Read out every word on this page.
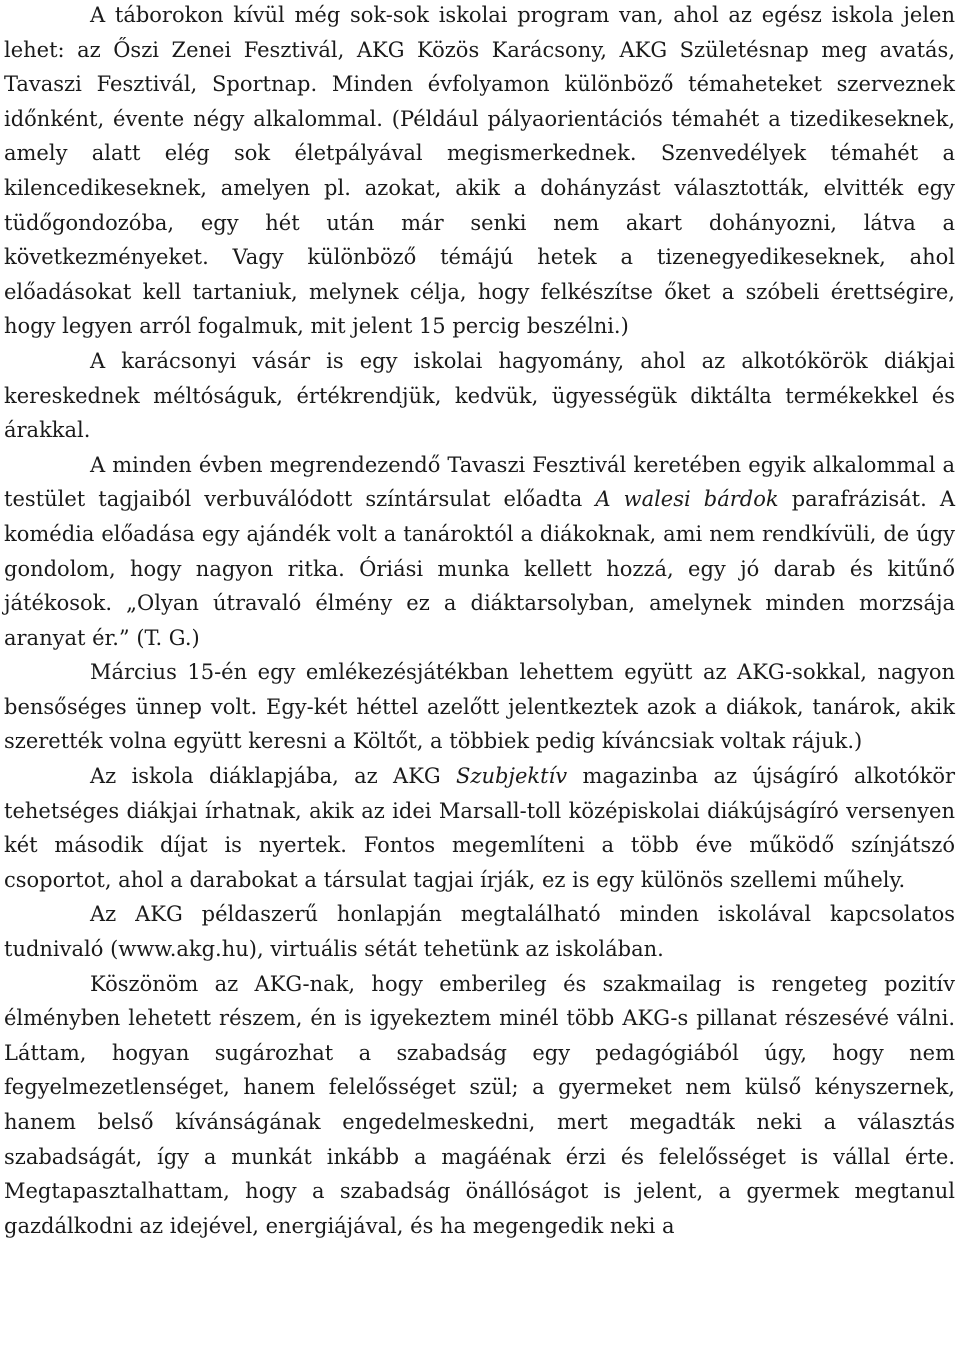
A táborokon kívül még sok-sok iskolai program van, ahol az egész iskola jelen lehet: az Őszi Zenei Fesztivál, AKG Közös Karácsony, AKG Születésnap meg avatás, Tavaszi Fesztivál, Sportnap. Minden évfolyamon különböző témaheteket szerveznek időnként, évente négy alkalommal. (Például pályaorientációs témahét a tizedikeseknek, amely alatt elég sok életpályával megismerkednek. Szenvedélyek témahét a kilencedikeseknek, amelyen pl. azokat, akik a dohányzást választották, elvitték egy tüdőgondozóba, egy hét után már senki nem akart dohányozni, látva a következményeket. Vagy különböző témájú hetek a tizenegyedikeseknek, ahol előadásokat kell tartaniuk, melynek célja, hogy felkészítse őket a szóbeli érettségire, hogy legyen arról fogalmuk, mit jelent 15 percig beszélni.)

A karácsonyi vásár is egy iskolai hagyomány, ahol az alkotókörök diákjai kereskednek méltóságuk, értékrendjük, kedvük, ügyességük diktálta termékekkel és árakkal.

A minden évben megrendezendő Tavaszi Fesztivál keretében egyik alkalommal a testület tagjaiból verbuválódott színtársulat előadta A walesi bárdok parafrázisát. A komédia előadása egy ajándék volt a tanároktól a diákoknak, ami nem rendkívüli, de úgy gondolom, hogy nagyon ritka. Óriási munka kellett hozzá, egy jó darab és kitűnő játékosok. „Olyan útravaló élmény ez a diáktarsolyban, amelynek minden morzsája aranyat ér.” (T. G.)

Március 15-én egy emlékezésjátékban lehettem együtt az AKG-sokkal, nagyon bensőséges ünnep volt. Egy-két héttel azelőtt jelentkeztek azok a diákok, tanárok, akik szerették volna együtt keresni a Költőt, a többiek pedig kíváncsiak voltak rájuk.)

Az iskola diáklapjába, az AKG Szubjektív magazinba az újságíró alkotókör tehetséges diákjai írhatnak, akik az idei Marsall-toll középiskolai diákújságíró versenyen két második díjat is nyertek. Fontos megemlíteni a több éve működő színjátszó csoportot, ahol a darabokat a társulat tagjai írják, ez is egy különös szellemi műhely.

Az AKG példaszerű honlapján megtalálható minden iskolával kapcsolatos tudnivaló (www.akg.hu), virtuális sétát tehetünk az iskolában.

Köszönöm az AKG-nak, hogy emberileg és szakmailag is rengeteg pozitív élményben lehetett részem, én is igyekeztem minél több AKG-s pillanat részesévé válni. Láttam, hogyan sugározhat a szabadság egy pedagógiából úgy, hogy nem fegyelmezetlenséget, hanem felelősséget szül; a gyermeket nem külső kényszernek, hanem belső kívánságának engedelmeskedni, mert megadták neki a választás szabadságát, így a munkát inkább a magáénak érzi és felelősséget is vállal érte. Megtapasztalhattam, hogy a szabadság önállóságot is jelent, a gyermek megtanul gazdálkodni az idejével, energiájával, és ha megengedik neki a
